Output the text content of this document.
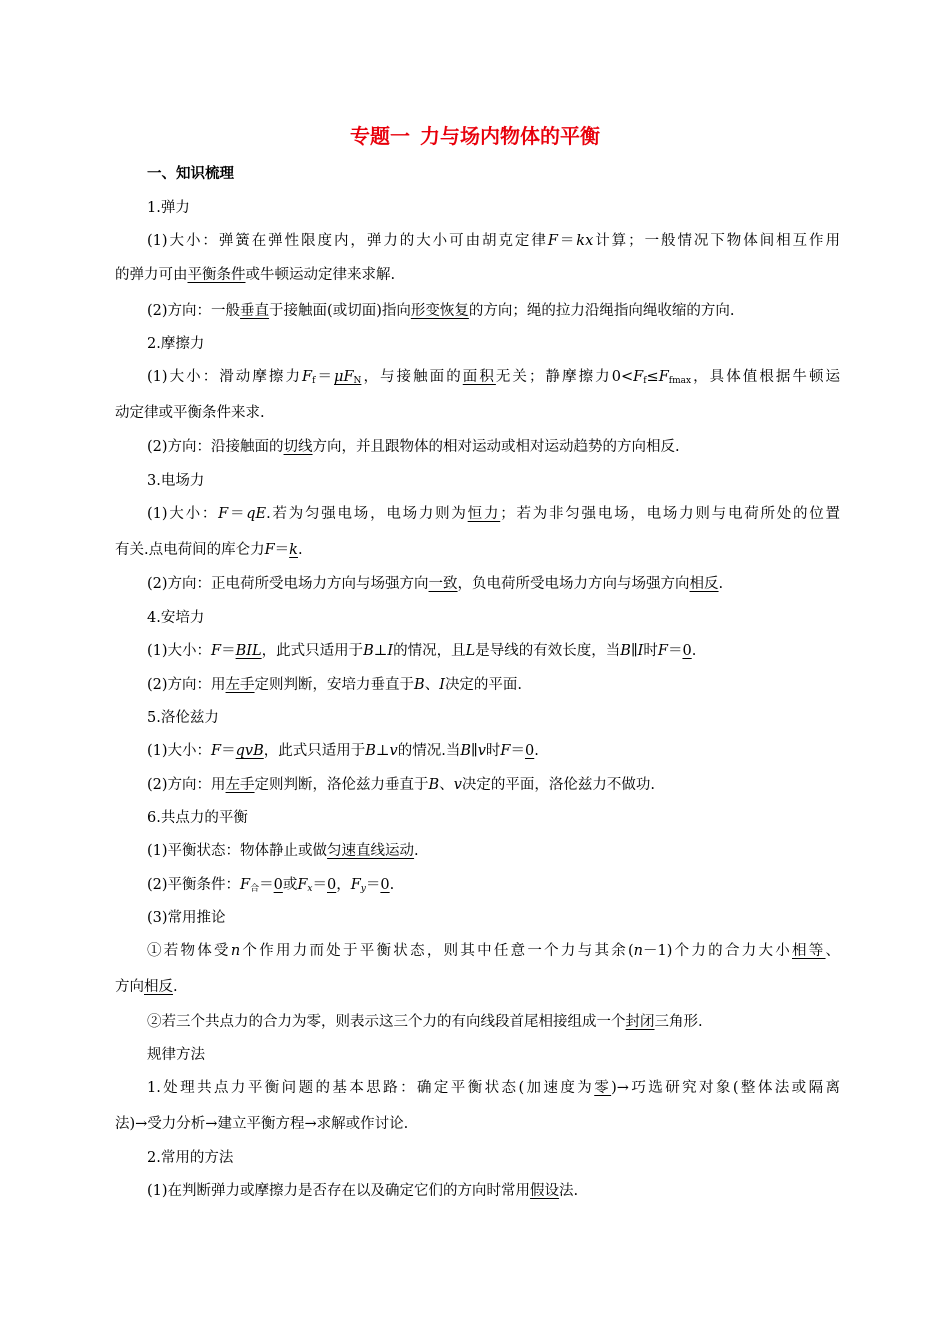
专题一 力与场内物体的平衡
一、知识梳理
1.弹力
(1)大小：弹簧在弹性限度内，弹力的大小可由胡克定律F＝kx计算；一般情况下物体间相互作用
的弹力可由平衡条件或牛顿运动定律来求解.
(2)方向：一般垂直于接触面(或切面)指向形变恢复的方向；绳的拉力沿绳指向绳收缩的方向.
2.摩擦力
(1)大小：滑动摩擦力$F_f=\mu F_N$，与接触面的面积无关；静摩擦力$0<F_f\le F_{fmax}$，具体值根据牛顿运
动定律或平衡条件来求.
(2)方向：沿接触面的切线方向，并且跟物体的相对运动或相对运动趋势的方向相反.
3.电场力
(1)大小：F＝qE.若为匀强电场，电场力则为恒力；若为非匀强电场，电场力则与电荷所处的位置
有关.点电荷间的库仑力F＝k.
(2)方向：正电荷所受电场力方向与场强方向一致，负电荷所受电场力方向与场强方向相反.
4.安培力
(1)大小：F＝BIL，此式只适用于B⊥I的情况，且L是导线的有效长度，当B∥I时F＝0.
(2)方向：用左手定则判断，安培力垂直于B、I决定的平面.
5.洛伦兹力
(1)大小：F＝qvB，此式只适用于B⊥v的情况.当B∥v时F＝0.
(2)方向：用左手定则判断，洛伦兹力垂直于B、v决定的平面，洛伦兹力不做功.
6.共点力的平衡
(1)平衡状态：物体静止或做匀速直线运动.
(2)平衡条件：$F_合=0$或$F_x=0$，$F_y=0$.
(3)常用推论
①若物体受n个作用力而处于平衡状态，则其中任意一个力与其余(n－1)个力的合力大小相等、
方向相反.
②若三个共点力的合力为零，则表示这三个力的有向线段首尾相接组成一个封闭三角形.
规律方法
1.处理共点力平衡问题的基本思路：确定平衡状态(加速度为零)→巧选研究对象(整体法或隔离
法)→受力分析→建立平衡方程→求解或作讨论.
2.常用的方法
(1)在判断弹力或摩擦力是否存在以及确定它们的方向时常用假设法.
